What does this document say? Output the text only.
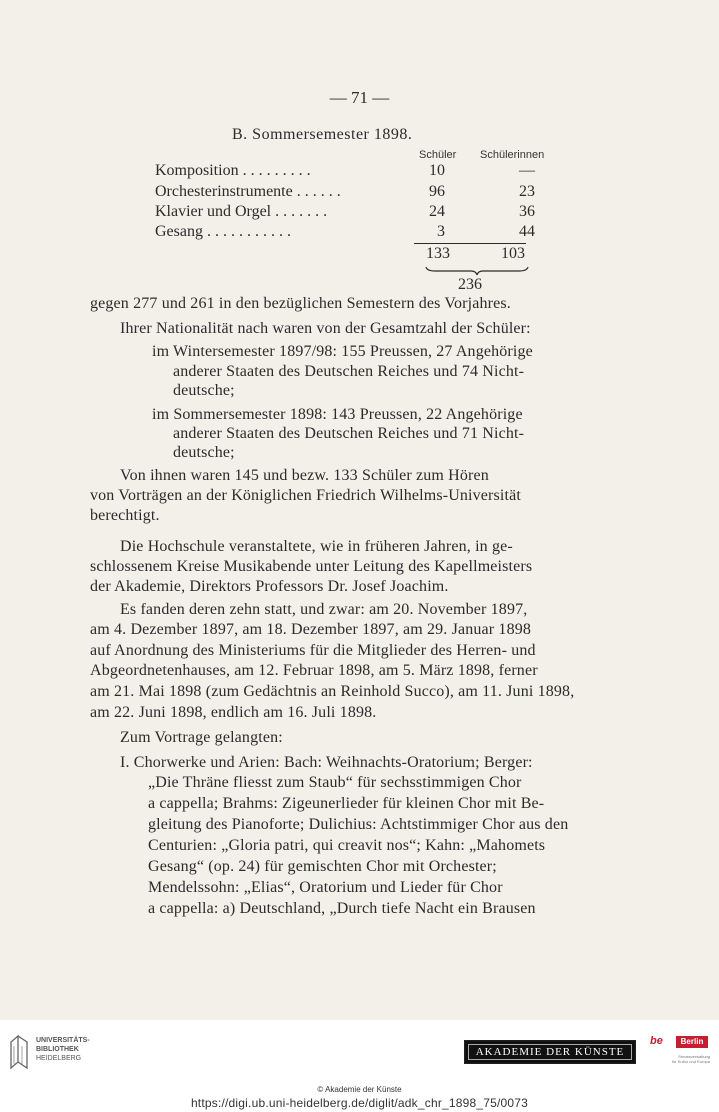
— 71 —
B. Sommersemester 1898.
Schüler Schülerinnen
Komposition . . . . . . . . .	10	—
Orchesterinstrumente . . . . . .	96	23
Klavier und Orgel . . . . . . .	24	36
Gesang . . . . . . . . . . .	3	44
133	103
236
gegen 277 und 261 in den bezüglichen Semestern des Vorjahres.
Ihrer Nationalität nach waren von der Gesamtzahl der Schüler:
im Wintersemester 1897/98: 155 Preussen, 27 Angehörige
anderer Staaten des Deutschen Reiches und 74 Nicht-
deutsche;
im Sommersemester 1898: 143 Preussen, 22 Angehörige
anderer Staaten des Deutschen Reiches und 71 Nicht-
deutsche;
Von ihnen waren 145 und bezw. 133 Schüler zum Hören
von Vorträgen an der Königlichen Friedrich Wilhelms-Universität
berechtigt.
Die Hochschule veranstaltete, wie in früheren Jahren, in ge-
schlossenem Kreise Musikabende unter Leitung des Kapellmeisters
der Akademie, Direktors Professors Dr. Josef Joachim.
Es fanden deren zehn statt, und zwar: am 20. November 1897,
am 4. Dezember 1897, am 18. Dezember 1897, am 29. Januar 1898
auf Anordnung des Ministeriums für die Mitglieder des Herren- und
Abgeordnetenhauses, am 12. Februar 1898, am 5. März 1898, ferner
am 21. Mai 1898 (zum Gedächtnis an Reinhold Succo), am 11. Juni 1898,
am 22. Juni 1898, endlich am 16. Juli 1898.
Zum Vortrage gelangten:
I. Chorwerke und Arien: Bach: Weihnachts-Oratorium; Berger:
„Die Thräne fliesst zum Staub“ für sechsstimmigen Chor
a cappella; Brahms: Zigeunerlieder für kleinen Chor mit Be-
gleitung des Pianoforte; Dulichius: Achtstimmiger Chor aus den
Centurien: „Gloria patri, qui creavit nos“; Kahn: „Mahomets
Gesang“ (op. 24) für gemischten Chor mit Orchester;
Mendelssohn: „Elias“, Oratorium und Lieder für Chor
a cappella: a) Deutschland, „Durch tiefe Nacht ein Brausen
UNIVERSITÄTS-
BIBLIOTHEK
HEIDELBERG
AKADEMIE DER KÜNSTE
be	Berlin
Senatsverwaltung
für Kultur und Europa
© Akademie der Künste
https://digi.ub.uni-heidelberg.de/diglit/adk_chr_1898_75/0073
